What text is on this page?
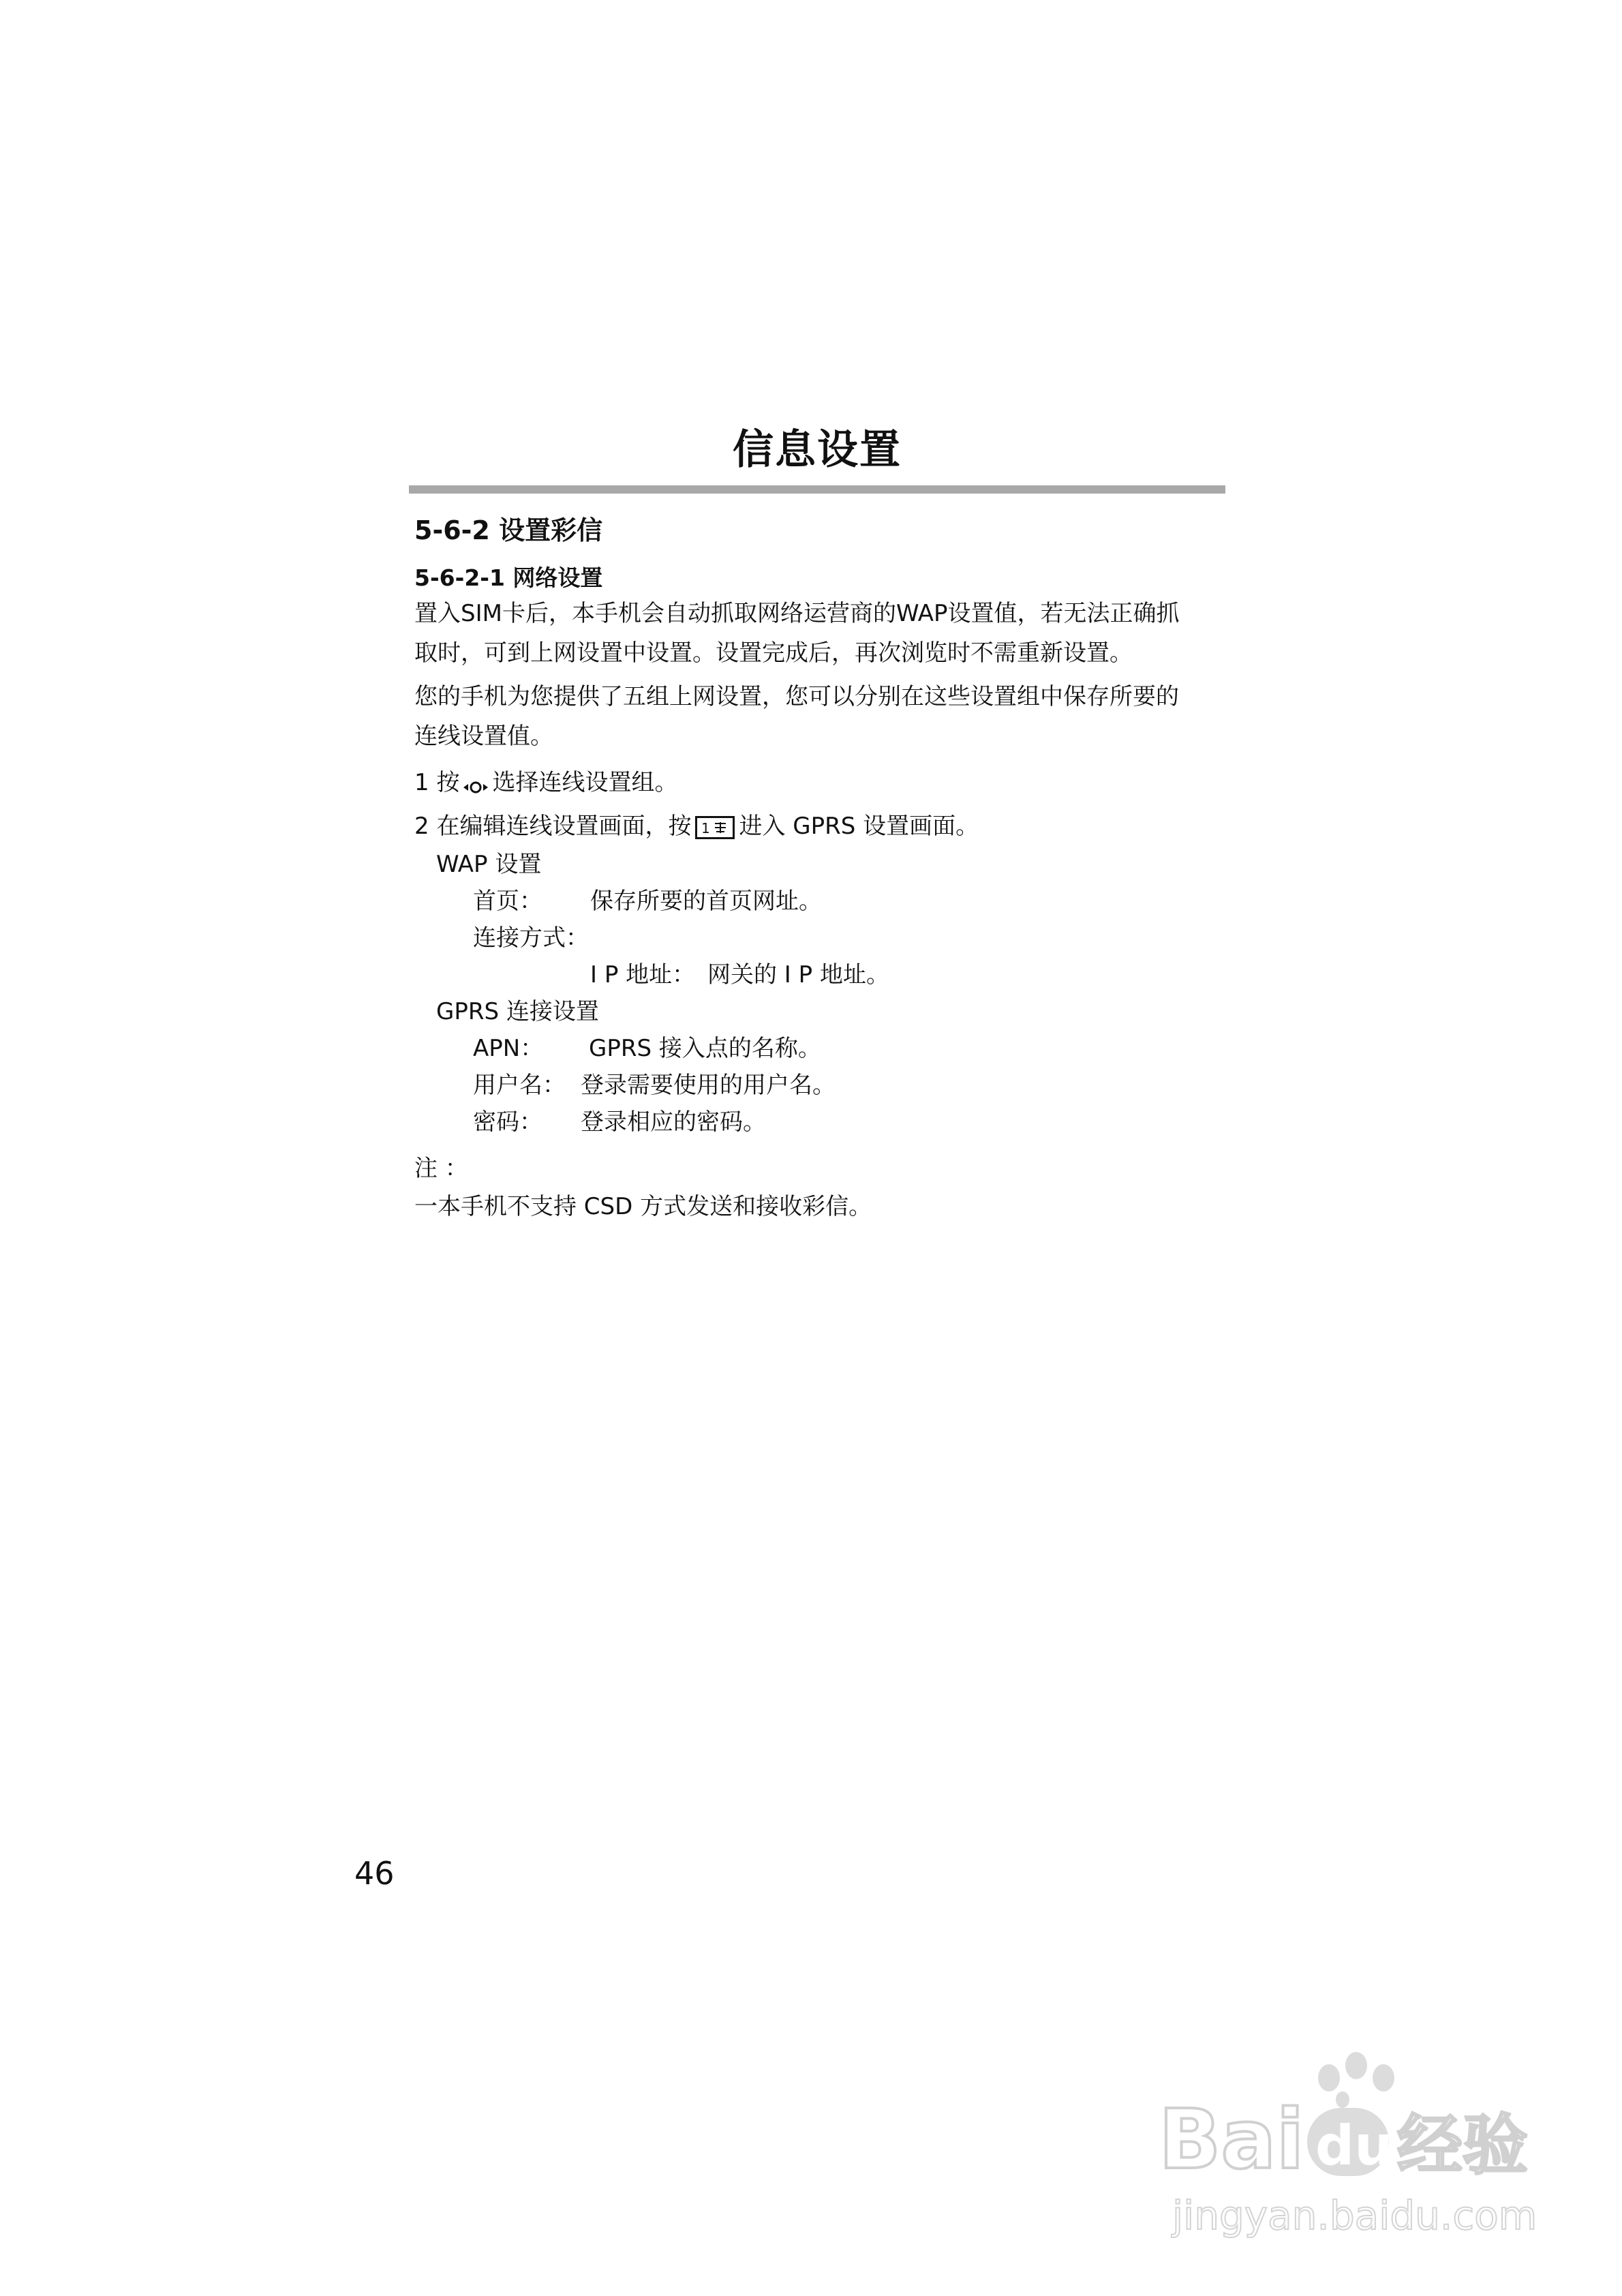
信息设置
5-6-2 设置彩信
5-6-2-1 网络设置
置入SIM卡后，本手机会自动抓取网络运营商的WAP设置值，若无法正确抓
取时，可到上网设置中设置。设置完成后，再次浏览时不需重新设置。
您的手机为您提供了五组上网设置，您可以分别在这些设置组中保存所要的
连线设置值。
1 按 选择连线设置组。
2 在编辑连线设置画面，按 1 进入 GPRS 设置画面。
WAP 设置
首页： 保存所要的首页网址。
连接方式：
I P 地址： 网关的 I P 地址。
GPRS 连接设置
APN： GPRS 接入点的名称。
用户名： 登录需要使用的用户名。
密码： 登录相应的密码。
注 ：
一本手机不支持 CSD 方式发送和接收彩信。
46
Bai du 经验
jingyan.baidu.com
